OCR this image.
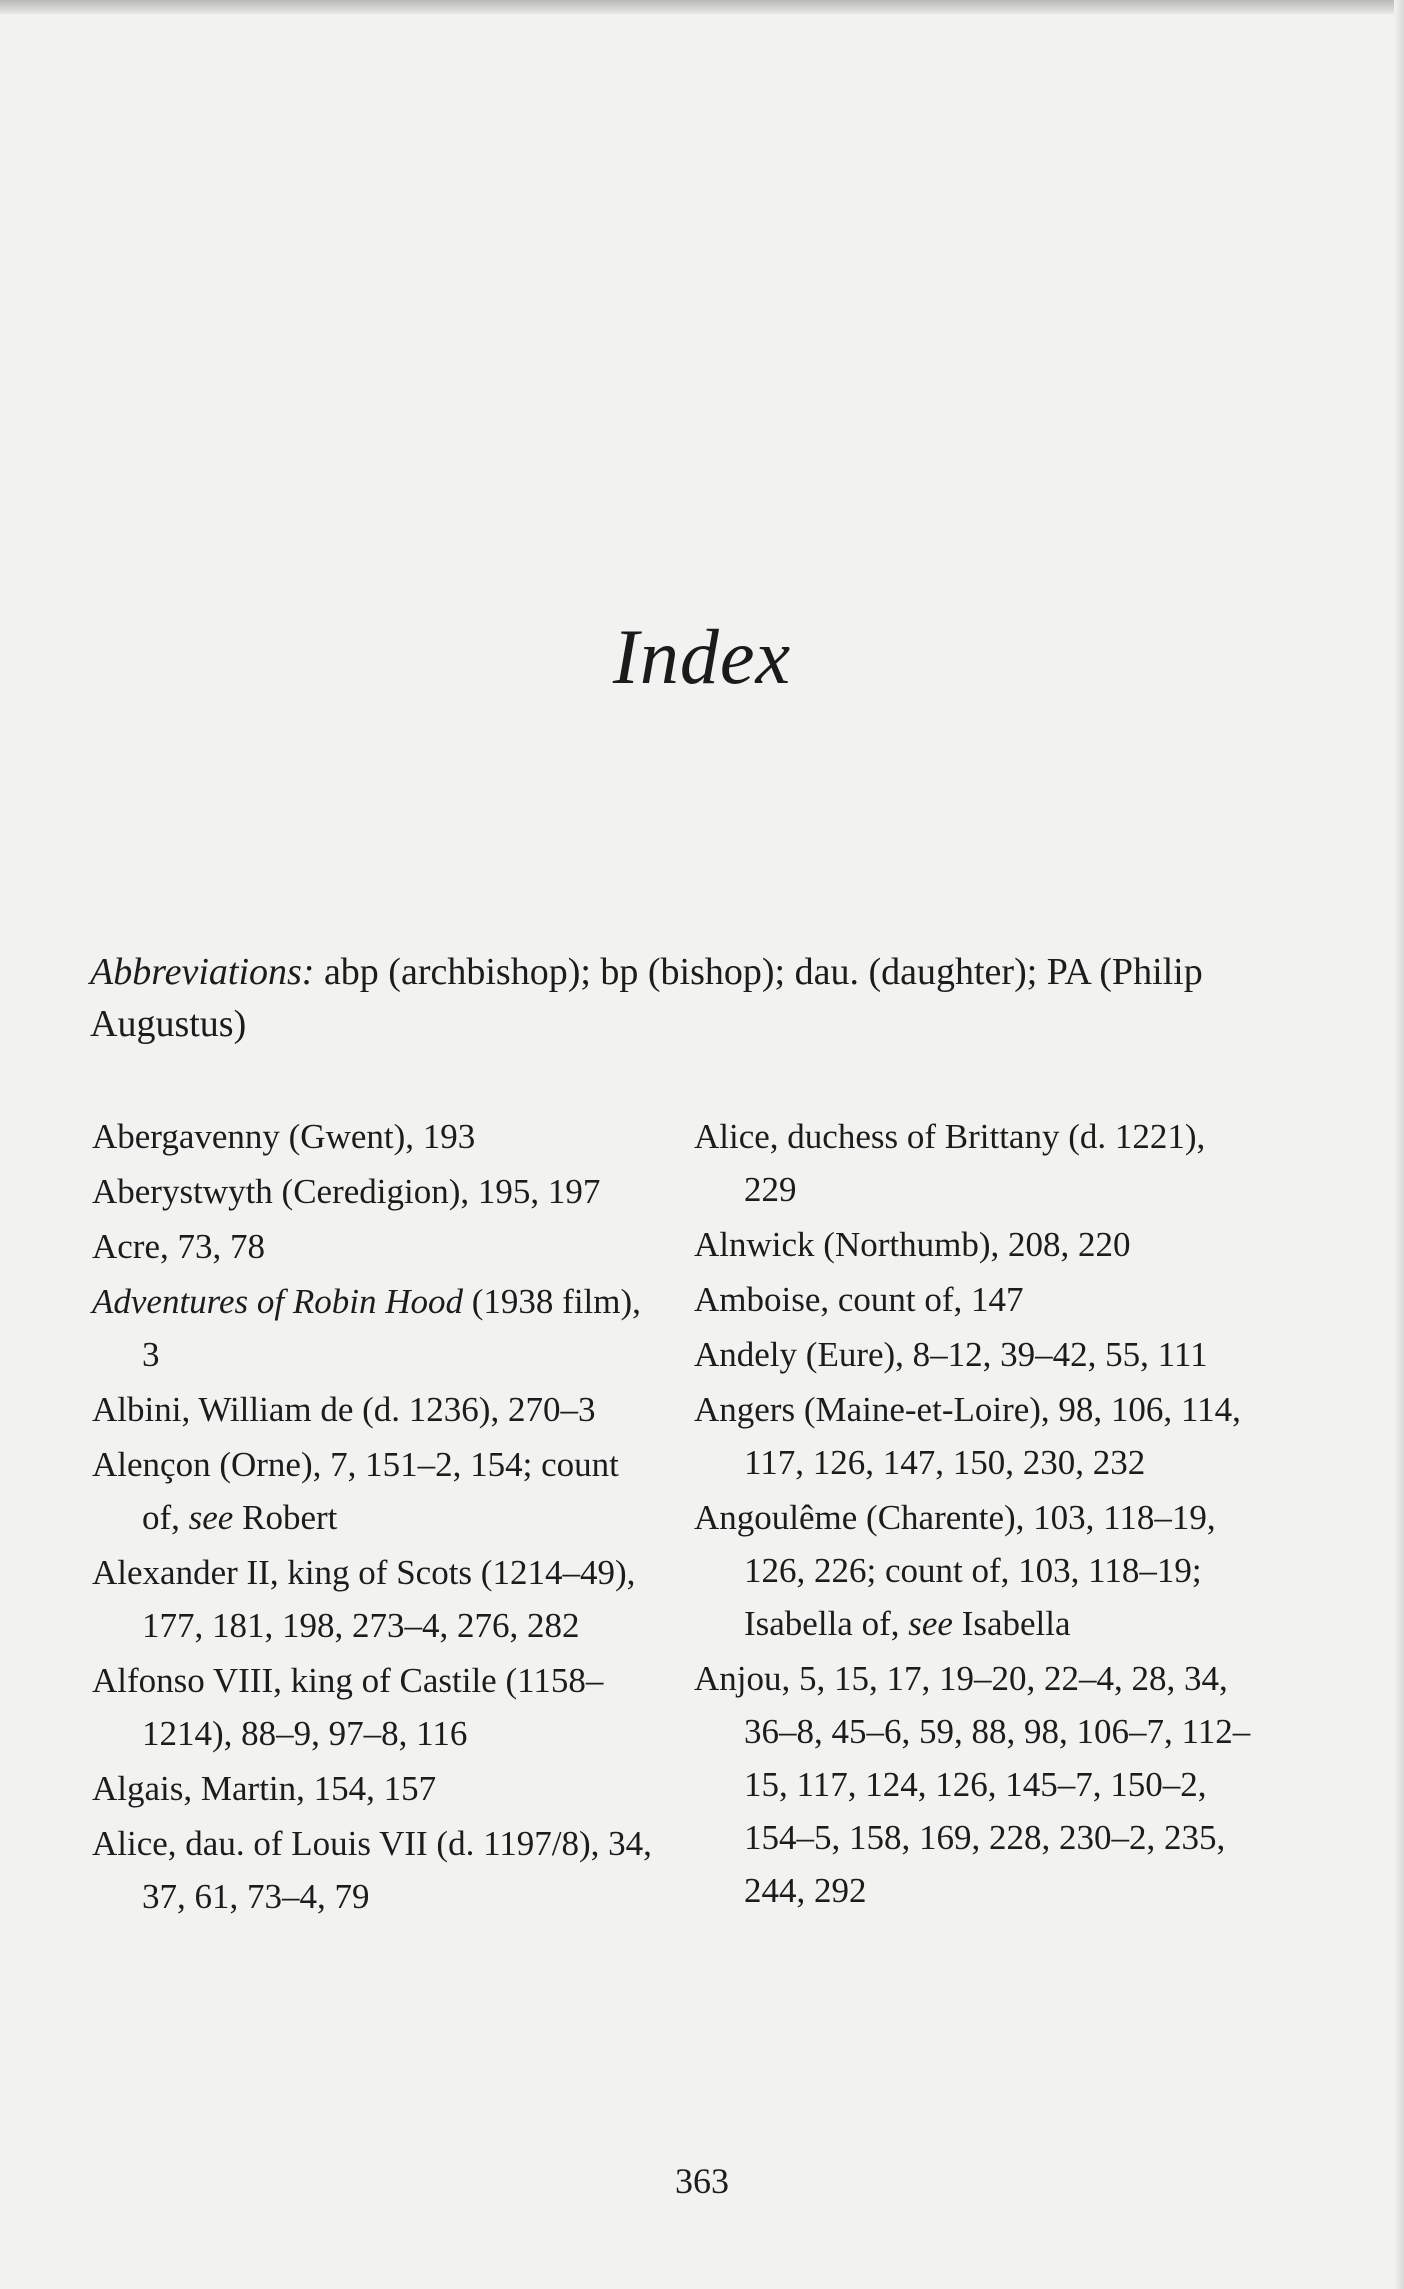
Index
Abbreviations: abp (archbishop); bp (bishop); dau. (daughter); PA (Philip Augustus)
Abergavenny (Gwent), 193
Aberystwyth (Ceredigion), 195, 197
Acre, 73, 78
Adventures of Robin Hood (1938 film), 3
Albini, William de (d. 1236), 270–3
Alençon (Orne), 7, 151–2, 154; count of, see Robert
Alexander II, king of Scots (1214–49), 177, 181, 198, 273–4, 276, 282
Alfonso VIII, king of Castile (1158–1214), 88–9, 97–8, 116
Algais, Martin, 154, 157
Alice, dau. of Louis VII (d. 1197/8), 34, 37, 61, 73–4, 79
Alice, duchess of Brittany (d. 1221), 229
Alnwick (Northumb), 208, 220
Amboise, count of, 147
Andely (Eure), 8–12, 39–42, 55, 111
Angers (Maine-et-Loire), 98, 106, 114, 117, 126, 147, 150, 230, 232
Angoulême (Charente), 103, 118–19, 126, 226; count of, 103, 118–19; Isabella of, see Isabella
Anjou, 5, 15, 17, 19–20, 22–4, 28, 34, 36–8, 45–6, 59, 88, 98, 106–7, 112–15, 117, 124, 126, 145–7, 150–2, 154–5, 158, 169, 228, 230–2, 235, 244, 292
363
